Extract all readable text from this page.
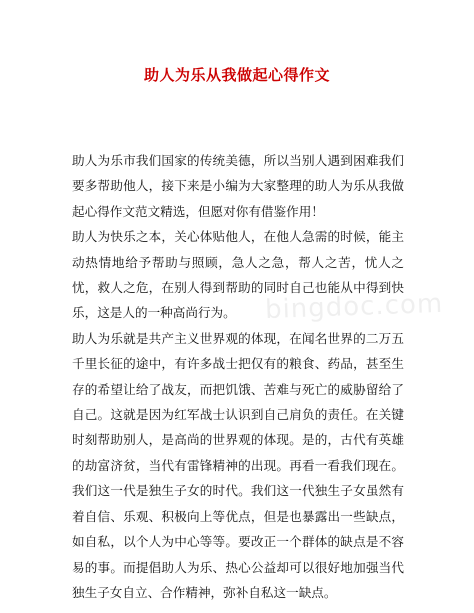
助人为乐从我做起心得作文

助人为乐市我们国家的传统美德，所以当别人遇到困难我们要多帮助他人，接下来是小编为大家整理的助人为乐从我做起心得作文范文精选，但愿对你有借鉴作用！

助人为快乐之本，关心体贴他人，在他人急需的时候，能主动热情地给予帮助与照顾，急人之急，帮人之苦，忧人之忧，救人之危，在别人得到帮助的同时自己也能从中得到快乐，这是人的一种高尚行为。

助人为乐就是共产主义世界观的体现，在闻名世界的二万五千里长征的途中，有许多战士把仅有的粮食、药品，甚至生存的希望让给了战友，而把饥饿、苦难与死亡的威胁留给了自己。这就是因为红军战士认识到自己肩负的责任。在关键时刻帮助别人，是高尚的世界观的体现。是的，古代有英雄的劫富济贫，当代有雷锋精神的出现。再看一看我们现在。我们这一代是独生子女的时代。我们这一代独生子女虽然有着自信、乐观、积极向上等优点，但是也暴露出一些缺点，如自私，以个人为中心等等。要改正一个群体的缺点是不容易的事。而提倡助人为乐、热心公益却可以很好地加强当代独生子女自立、合作精神，弥补自私这一缺点。

bingdoc.com
